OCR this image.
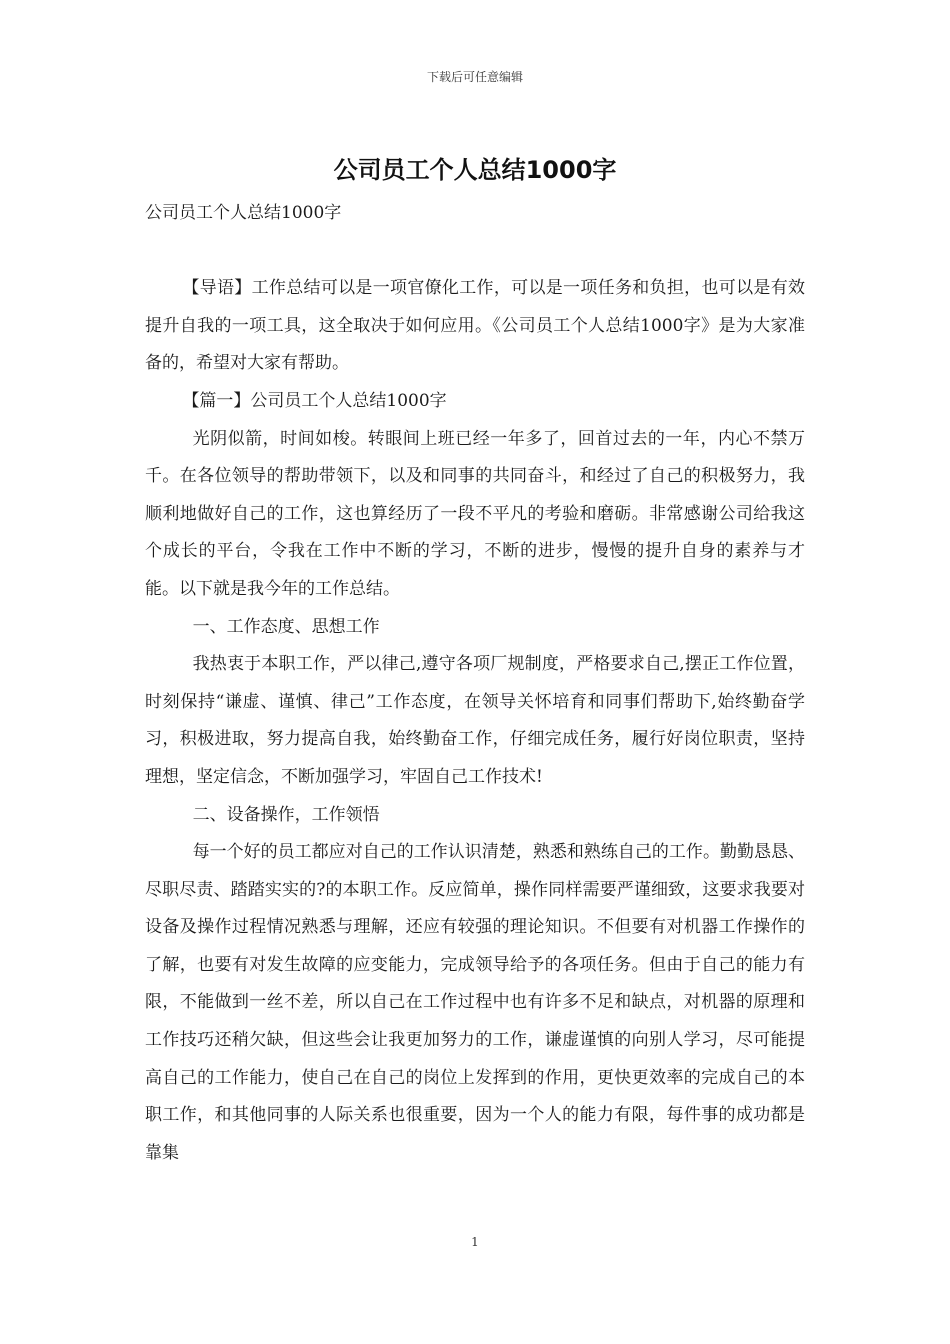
下载后可任意编辑
公司员工个人总结1000字

公司员工个人总结1000字

【导语】工作总结可以是一项官僚化工作，可以是一项任务和负担，也可以是有效提升自我的一项工具，这全取决于如何应用。《公司员工个人总结1000字》是为大家准备的，希望对大家有帮助。

【篇一】公司员工个人总结1000字

光阴似箭，时间如梭。转眼间上班已经一年多了，回首过去的一年，内心不禁万千。在各位领导的帮助带领下，以及和同事的共同奋斗，和经过了自己的积极努力，我顺利地做好自己的工作，这也算经历了一段不平凡的考验和磨砺。非常感谢公司给我这个成长的平台，令我在工作中不断的学习，不断的进步，慢慢的提升自身的素养与才能。以下就是我今年的工作总结。

一、工作态度、思想工作

我热衷于本职工作，严以律己,遵守各项厂规制度，严格要求自己,摆正工作位置，时刻保持“谦虚、谨慎、律己”工作态度，在领导关怀培育和同事们帮助下,始终勤奋学习，积极进取，努力提高自我，始终勤奋工作，仔细完成任务，履行好岗位职责，坚持理想，坚定信念，不断加强学习，牢固自己工作技术!

二、设备操作，工作领悟

每一个好的员工都应对自己的工作认识清楚，熟悉和熟练自己的工作。勤勤恳恳、尽职尽责、踏踏实实的?的本职工作。反应简单，操作同样需要严谨细致，这要求我要对设备及操作过程情况熟悉与理解，还应有较强的理论知识。不但要有对机器工作操作的了解，也要有对发生故障的应变能力，完成领导给予的各项任务。但由于自己的能力有限，不能做到一丝不差，所以自己在工作过程中也有许多不足和缺点，对机器的原理和工作技巧还稍欠缺，但这些会让我更加努力的工作，谦虚谨慎的向别人学习，尽可能提高自己的工作能力，使自己在自己的岗位上发挥到的作用，更快更效率的完成自己的本职工作，和其他同事的人际关系也很重要，因为一个人的能力有限，每件事的成功都是靠集

1
